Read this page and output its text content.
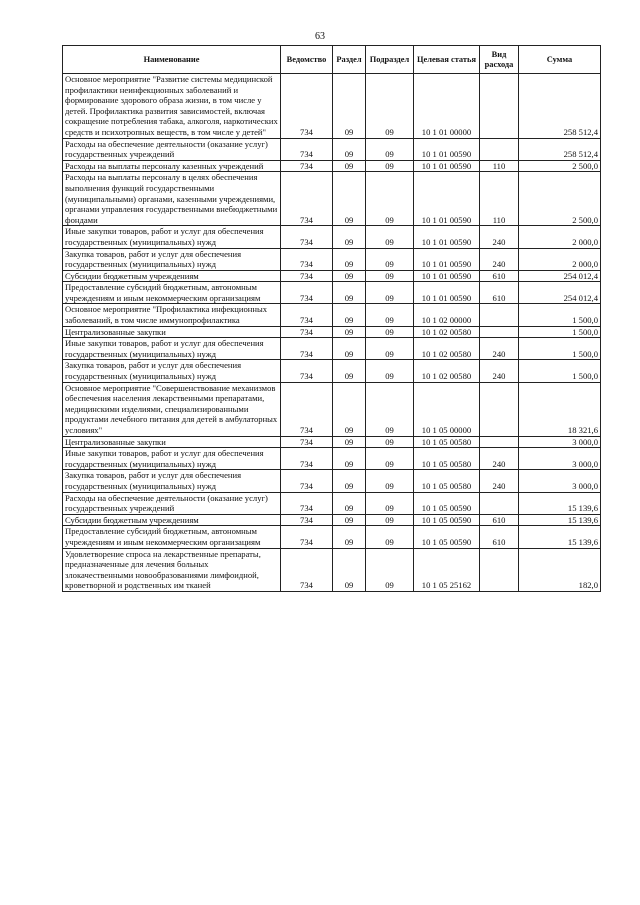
63
Наименование	Ведомство	Раздел	Подраздел	Целевая статья	Вид расхода	Сумма
Основное мероприятие "Развитие системы медицинской профилактики неинфекционных заболеваний и формирование здорового образа жизни, в том числе у детей. Профилактика развития зависимостей, включая сокращение потребления табака, алкоголя, наркотических средств и психотропных веществ, в том числе у детей"	734	09	09	10 1 01 00000		258 512,4
Расходы на обеспечение деятельности (оказание услуг) государственных учреждений	734	09	09	10 1 01 00590		258 512,4
Расходы на выплаты персоналу казенных учреждений	734	09	09	10 1 01 00590	110	2 500,0
Расходы на выплаты персоналу в целях обеспечения выполнения функций государственными (муниципальными) органами, казенными учреждениями, органами управления государственными внебюджетными фондами	734	09	09	10 1 01 00590	110	2 500,0
Иные закупки товаров, работ и услуг для обеспечения государственных (муниципальных) нужд	734	09	09	10 1 01 00590	240	2 000,0
Закупка товаров, работ и услуг для обеспечения государственных (муниципальных) нужд	734	09	09	10 1 01 00590	240	2 000,0
Субсидии бюджетным учреждениям	734	09	09	10 1 01 00590	610	254 012,4
Предоставление субсидий бюджетным, автономным учреждениям и иным некоммерческим организациям	734	09	09	10 1 01 00590	610	254 012,4
Основное мероприятие "Профилактика инфекционных заболеваний, в том числе иммунопрофилактика	734	09	09	10 1 02 00000		1 500,0
Централизованные закупки	734	09	09	10 1 02 00580		1 500,0
Иные закупки товаров, работ и услуг для обеспечения государственных (муниципальных) нужд	734	09	09	10 1 02 00580	240	1 500,0
Закупка товаров, работ и услуг для обеспечения государственных (муниципальных) нужд	734	09	09	10 1 02 00580	240	1 500,0
Основное мероприятие "Совершенствование механизмов обеспечения населения лекарственными препаратами, медицинскими изделиями, специализированными продуктами лечебного питания для детей в амбулаторных условиях"	734	09	09	10 1 05 00000		18 321,6
Централизованные закупки	734	09	09	10 1 05 00580		3 000,0
Иные закупки товаров, работ и услуг для обеспечения государственных (муниципальных) нужд	734	09	09	10 1 05 00580	240	3 000,0
Закупка товаров, работ и услуг для обеспечения государственных (муниципальных) нужд	734	09	09	10 1 05 00580	240	3 000,0
Расходы на обеспечение деятельности (оказание услуг) государственных учреждений	734	09	09	10 1 05 00590		15 139,6
Субсидии бюджетным учреждениям	734	09	09	10 1 05 00590	610	15 139,6
Предоставление субсидий бюджетным, автономным учреждениям и иным некоммерческим организациям	734	09	09	10 1 05 00590	610	15 139,6
Удовлетворение спроса на лекарственные препараты, предназначенные для лечения больных злокачественными новообразованиями лимфоидной, кроветворной и родственных им тканей	734	09	09	10 1 05 25162		182,0
